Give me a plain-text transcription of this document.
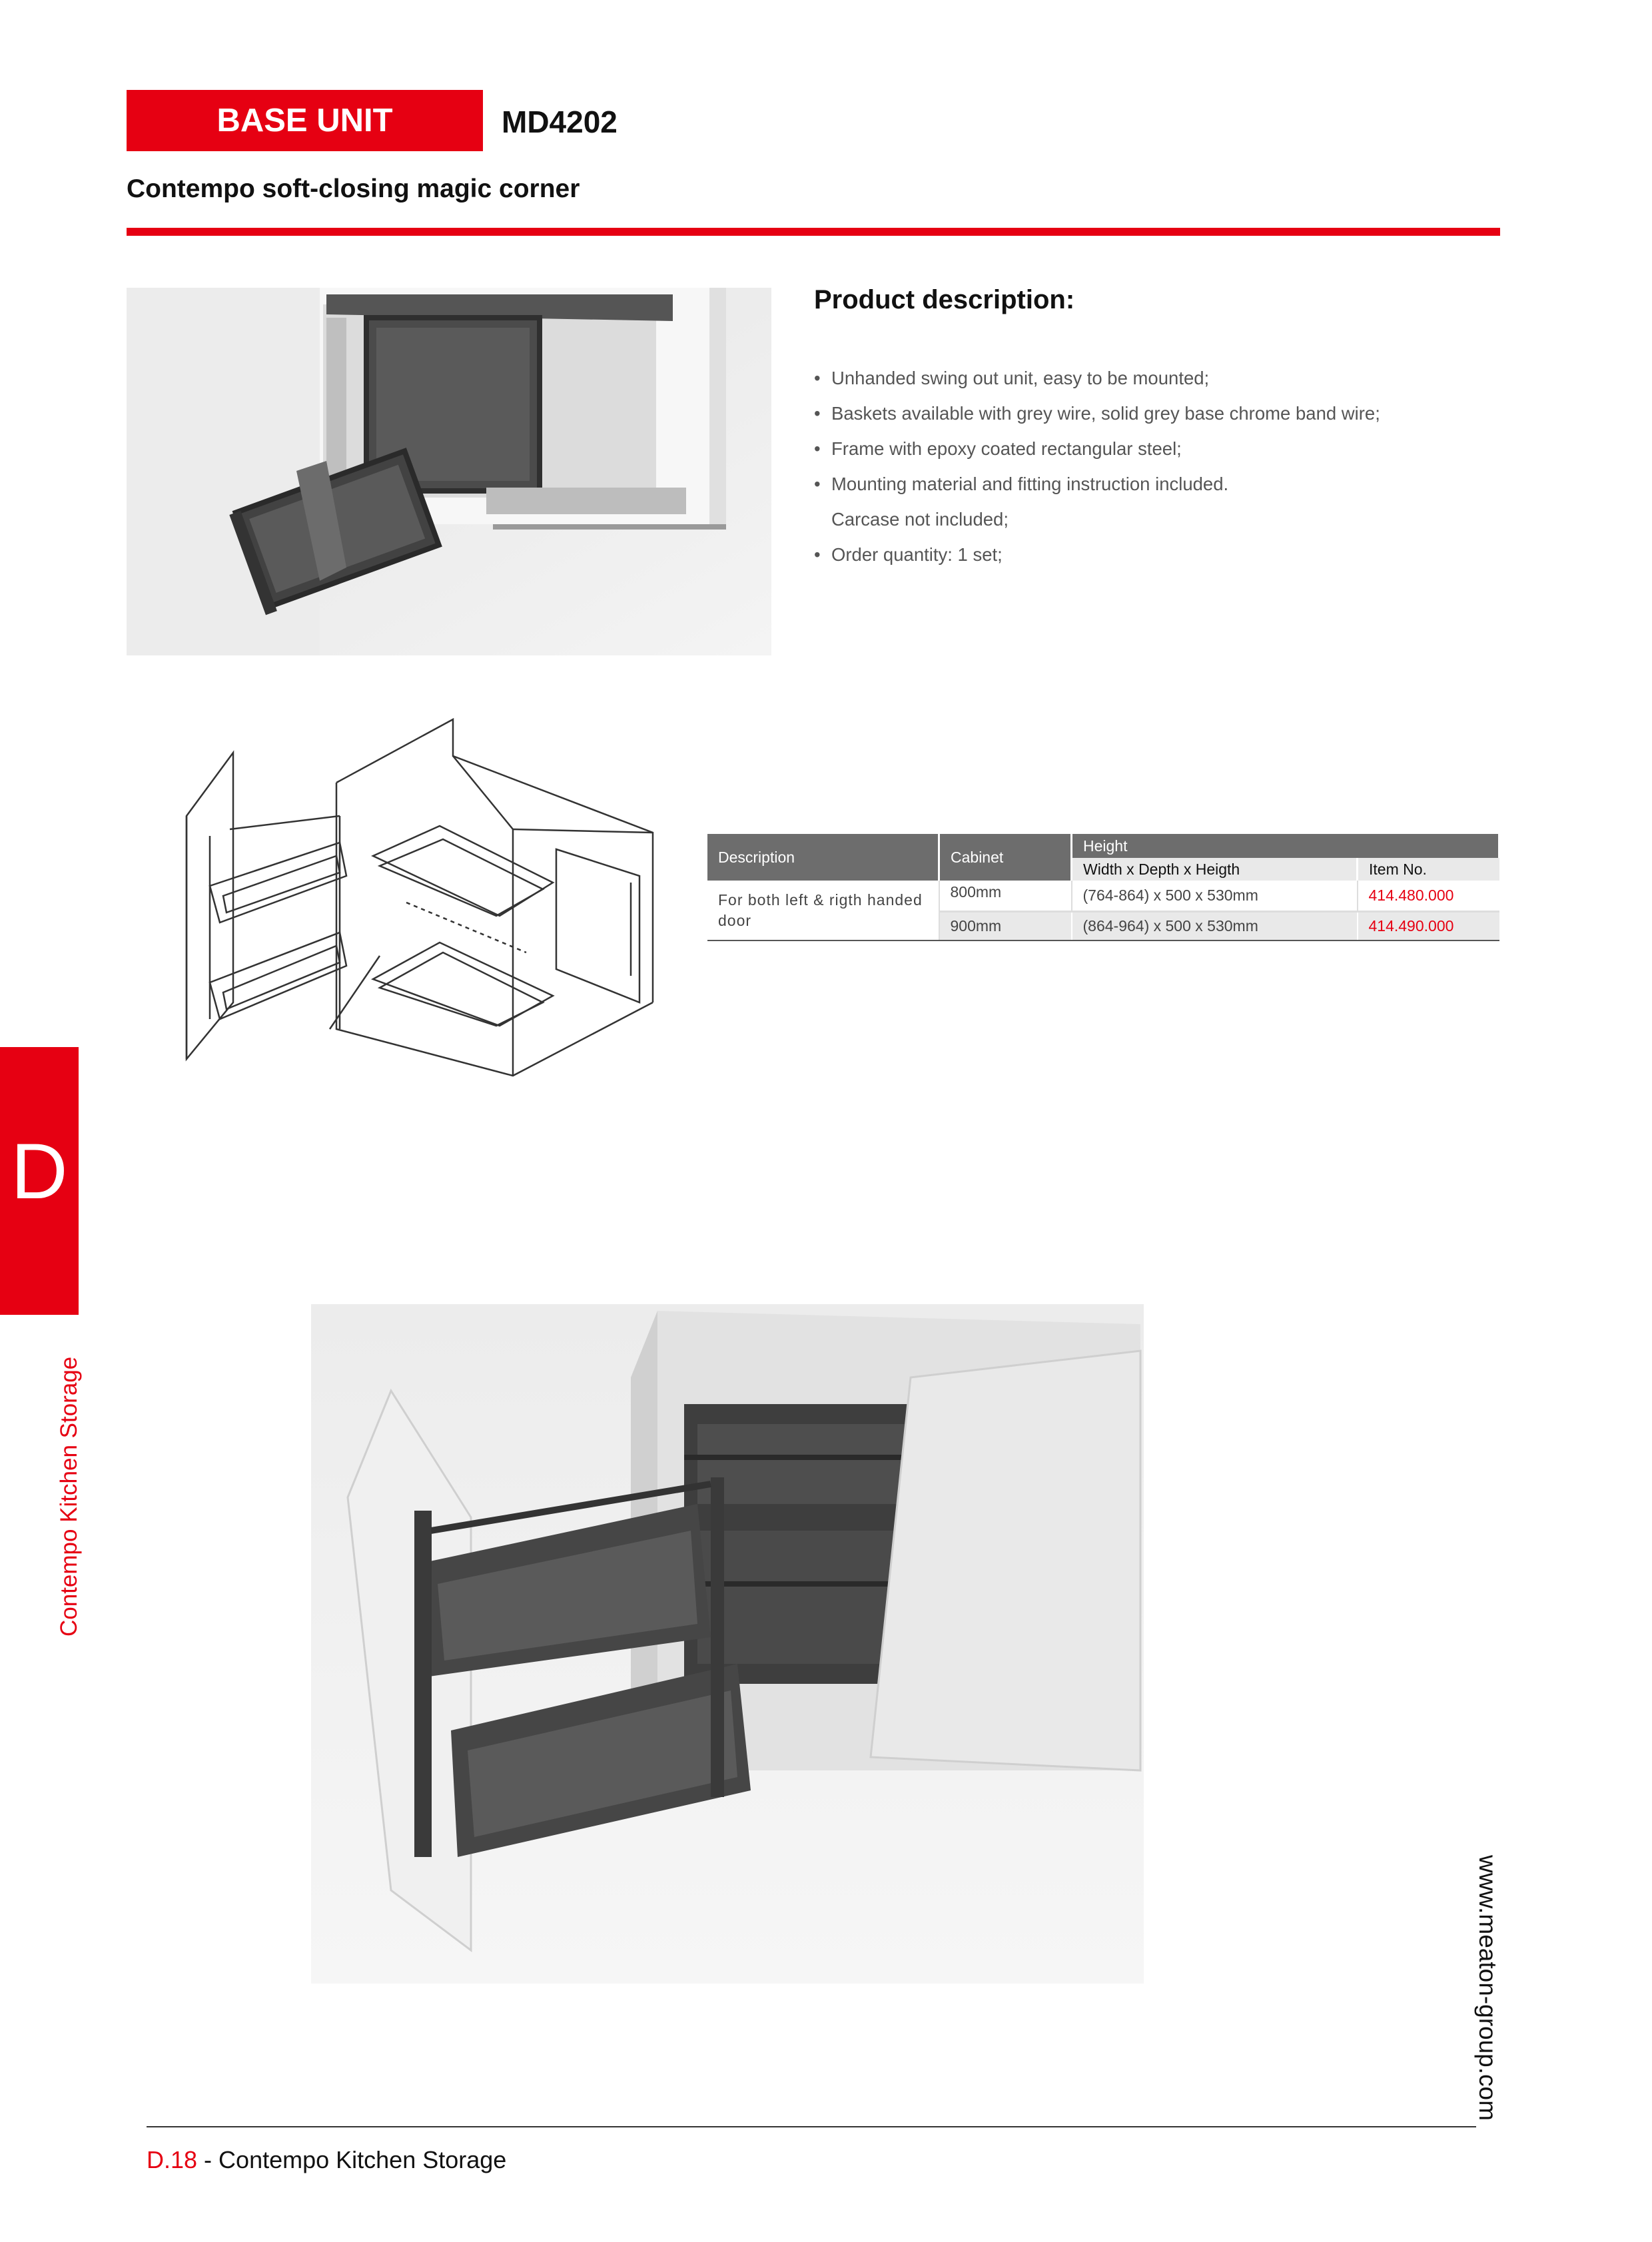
BASE UNIT	MD4202
Contempo soft-closing magic corner
Product description:
• Unhanded swing out unit, easy to be mounted;
• Baskets available with grey wire, solid grey base chrome band wire;
• Frame with epoxy coated rectangular steel;
• Mounting material and fitting instruction included.
Carcase not included;
• Order quantity: 1 set;
Description	Cabinet	Height	
		Width x Depth x Heigth	Item No.
For both left & rigth handed door	800mm	(764-864) x 500 x 530mm	414.480.000
	900mm	(864-964) x 500 x 530mm	414.490.000
D
Contempo Kitchen Storage
www.meaton-group.com
D.18 - Contempo Kitchen Storage
